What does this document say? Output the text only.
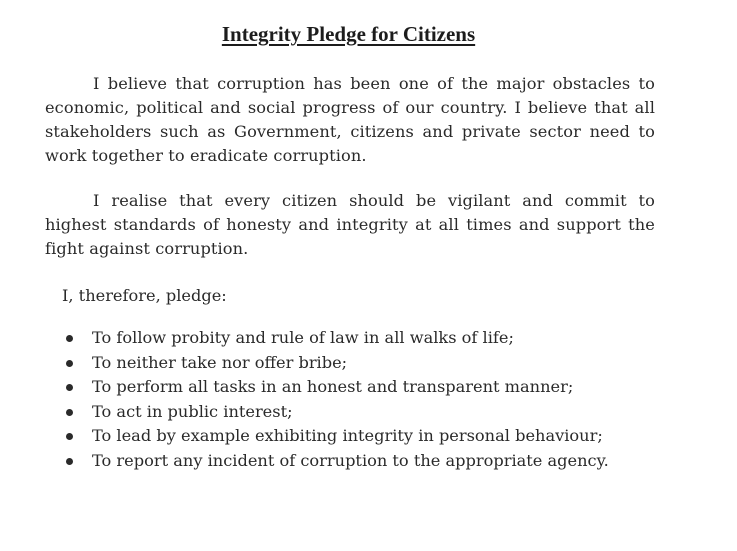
Integrity Pledge for Citizens

I believe that corruption has been one of the major obstacles to economic, political and social progress of our country. I believe that all stakeholders such as Government, citizens and private sector need to work together to eradicate corruption.

I realise that every citizen should be vigilant and commit to highest standards of honesty and integrity at all times and support the fight against corruption.

I, therefore, pledge:

To follow probity and rule of law in all walks of life;
To neither take nor offer bribe;
To perform all tasks in an honest and transparent manner;
To act in public interest;
To lead by example exhibiting integrity in personal behaviour;
To report any incident of corruption to the appropriate agency.
